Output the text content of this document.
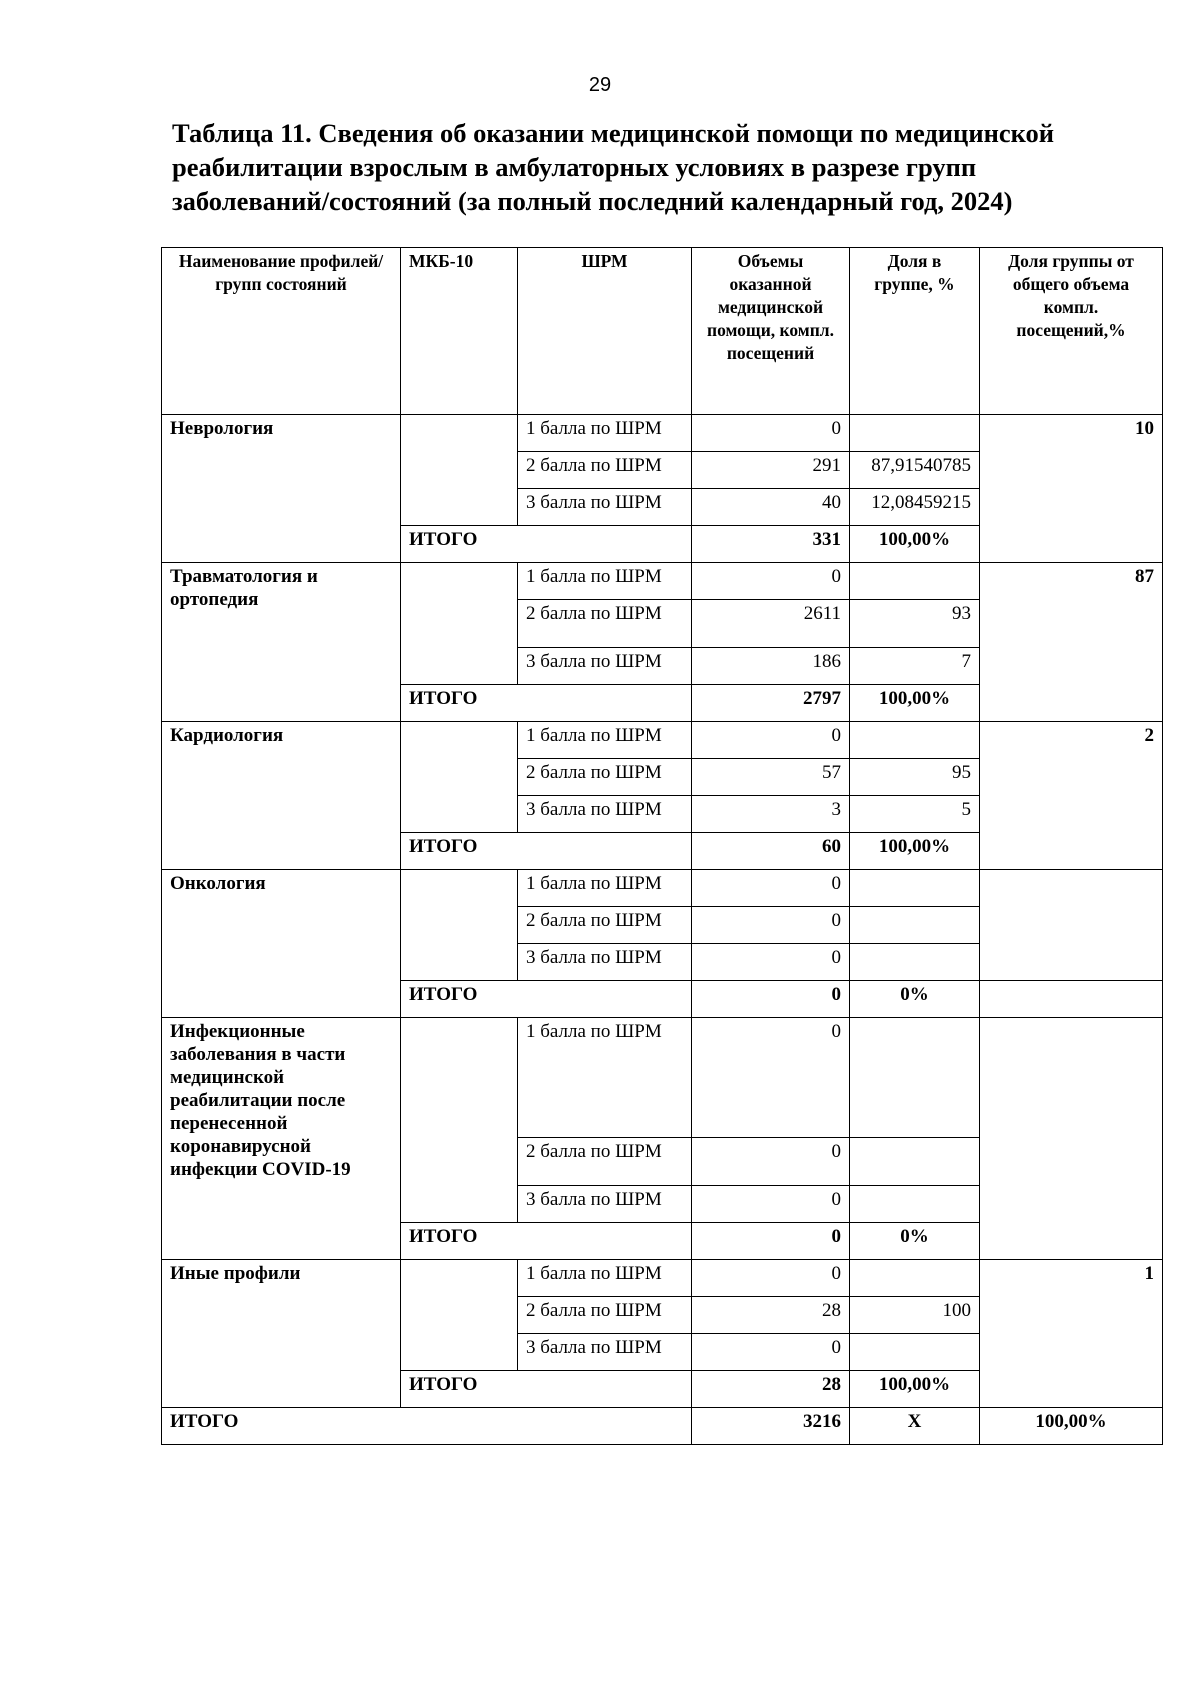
29
Таблица 11. Сведения об оказании медицинской помощи по медицинской реабилитации взрослым в амбулаторных условиях в разрезе групп заболеваний/состояний (за полный последний календарный год, 2024)
Наименование профилей/групп состояний	МКБ-10	ШРМ	Объемы оказанной медицинской помощи, компл. посещений	Доля в группе, %	Доля группы от общего объема компл. посещений,%
Неврология		1 балла по ШРМ	0		10
		2 балла по ШРМ	291	87,91540785	
		3 балла по ШРМ	40	12,08459215	
	ИТОГО		331	100,00%	
Травматология и ортопедия		1 балла по ШРМ	0		87
		2 балла по ШРМ	2611	93	
		3 балла по ШРМ	186	7	
	ИТОГО		2797	100,00%	
Кардиология		1 балла по ШРМ	0		2
		2 балла по ШРМ	57	95	
		3 балла по ШРМ	3	5	
	ИТОГО		60	100,00%	
Онкология		1 балла по ШРМ	0		
		2 балла по ШРМ	0		
		3 балла по ШРМ	0		
	ИТОГО		0	0%	
Инфекционные заболевания в части медицинской реабилитации после перенесенной коронавирусной инфекции COVID-19		1 балла по ШРМ	0		
		2 балла по ШРМ	0		
		3 балла по ШРМ	0		
	ИТОГО		0	0%	
Иные профили		1 балла по ШРМ	0		1
		2 балла по ШРМ	28	100	
		3 балла по ШРМ	0		
	ИТОГО		28	100,00%	
ИТОГО			3216	X	100,00%
